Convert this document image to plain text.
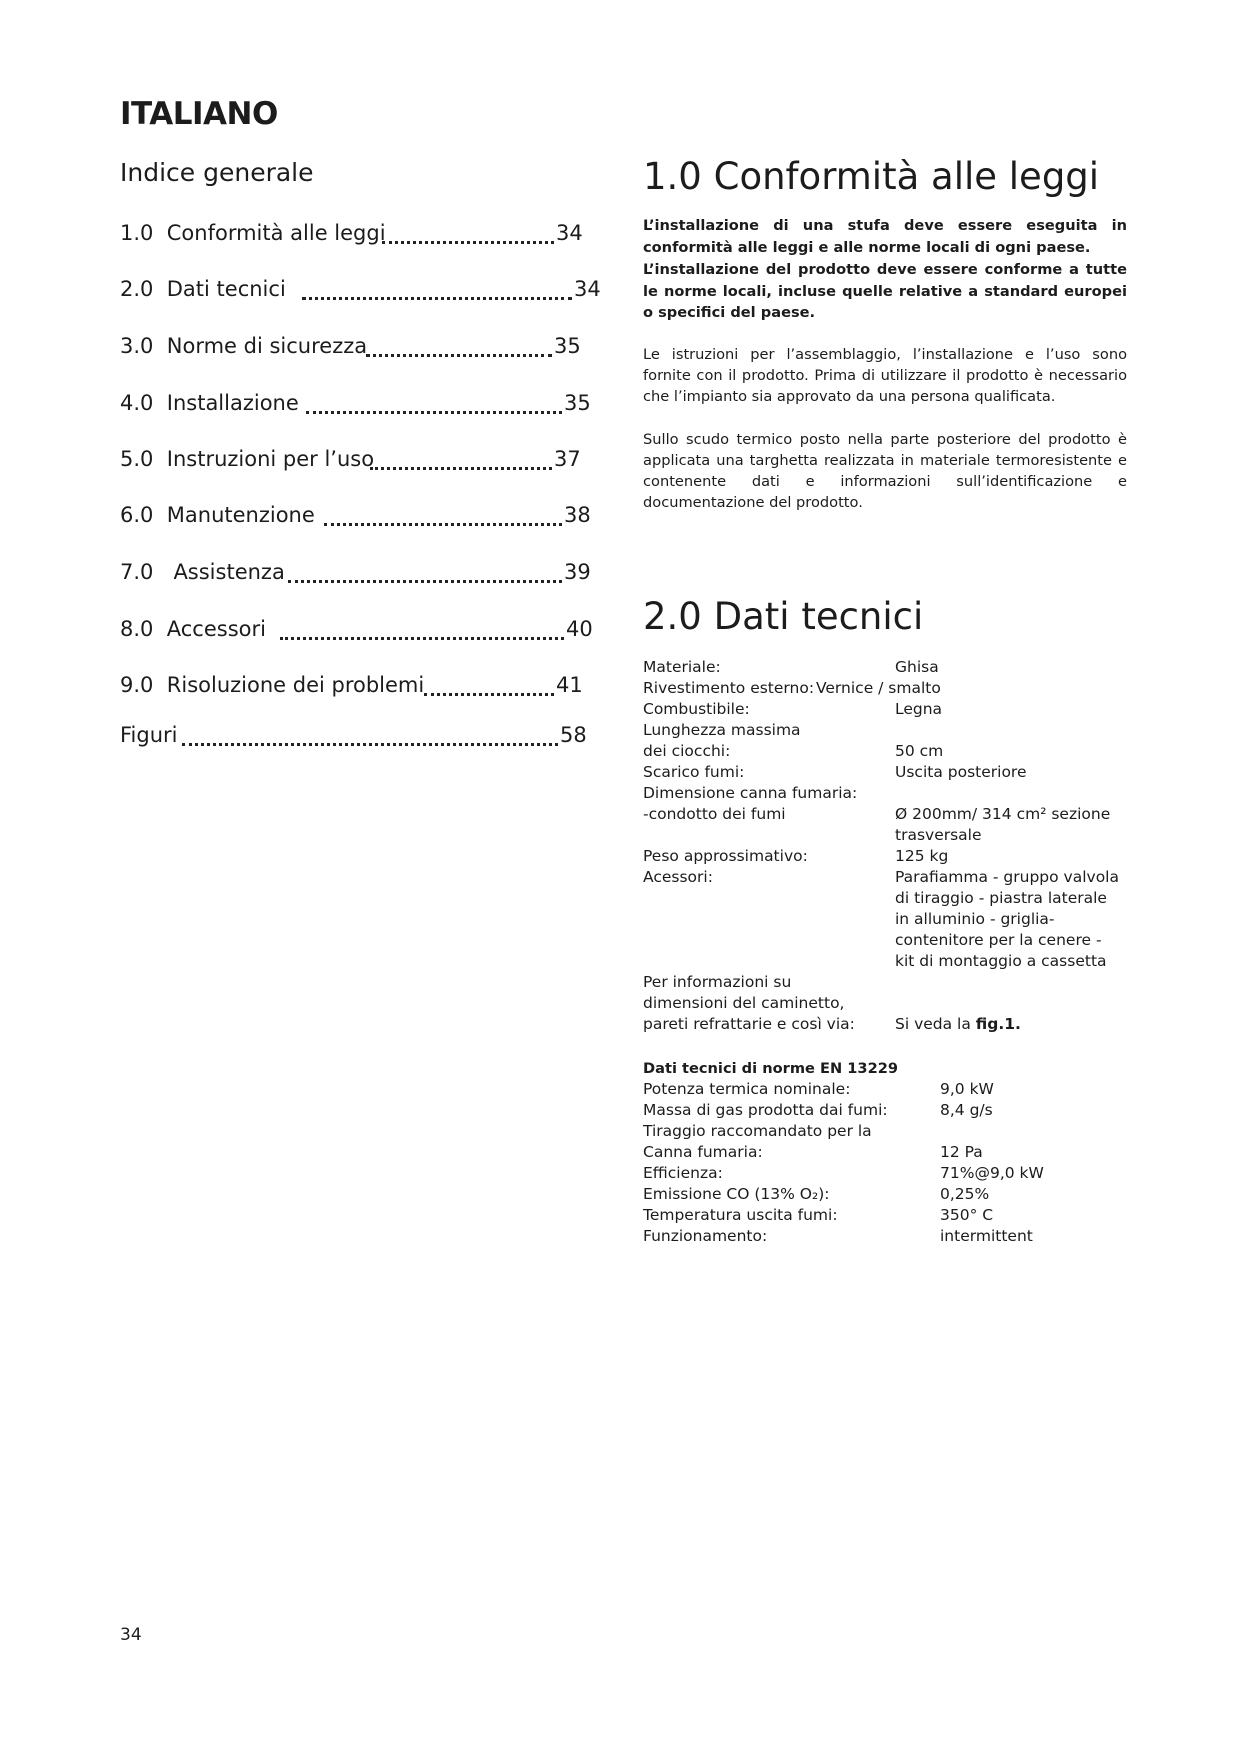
ITALIANO
Indice generale
1.0 Conformità alle leggi	34
2.0 Dati tecnici	34
3.0 Norme di sicurezza	35
4.0 Installazione	35
5.0 Instruzioni per l’uso	37
6.0 Manutenzione	38
7.0 Assistenza	39
8.0 Accessori	40
9.0 Risoluzione dei problemi	41
Figuri	58
1.0 Conformità alle leggi

L’installazione di una stufa deve essere eseguita in conformità alle leggi e alle norme locali di ogni paese.

L’installazione del prodotto deve essere conforme a tutte le norme locali, incluse quelle relative a standard europei o specifici del paese.

Le istruzioni per l’assemblaggio, l’installazione e l’uso sono fornite con il prodotto. Prima di utilizzare il prodotto è necessario che l’impianto sia approvato da una persona qualificata.

Sullo scudo termico posto nella parte posteriore del prodotto è applicata una targhetta realizzata in materiale termoresistente e contenente dati e informazioni sull’identificazione e documentazione del prodotto.

2.0 Dati tecnici
Materiale:	Ghisa
Rivestimento esterno: Vernice / smalto
Combustibile:	Legna
Lunghezza massima
dei ciocchi:	50 cm
Scarico fumi:	Uscita posteriore
Dimensione canna fumaria:
-condotto dei fumi	Ø 200mm/ 314 cm² sezione trasversale
Peso approssimativo:	125 kg
Acessori:	Parafiamma - gruppo valvola di tiraggio - piastra laterale in alluminio - griglia-contenitore per la cenere - kit di montaggio a cassetta
Per informazioni su dimensioni del caminetto, pareti refrattarie e così via:	Si veda la fig.1.
Dati tecnici di norme EN 13229
Potenza termica nominale:	9,0 kW
Massa di gas prodotta dai fumi:	8,4 g/s
Tiraggio raccomandato per la
Canna fumaria:	12 Pa
Efficienza:	71%@9,0 kW
Emissione CO (13% O₂):	0,25%
Temperatura uscita fumi:	350° C
Funzionamento:	intermittent
34
